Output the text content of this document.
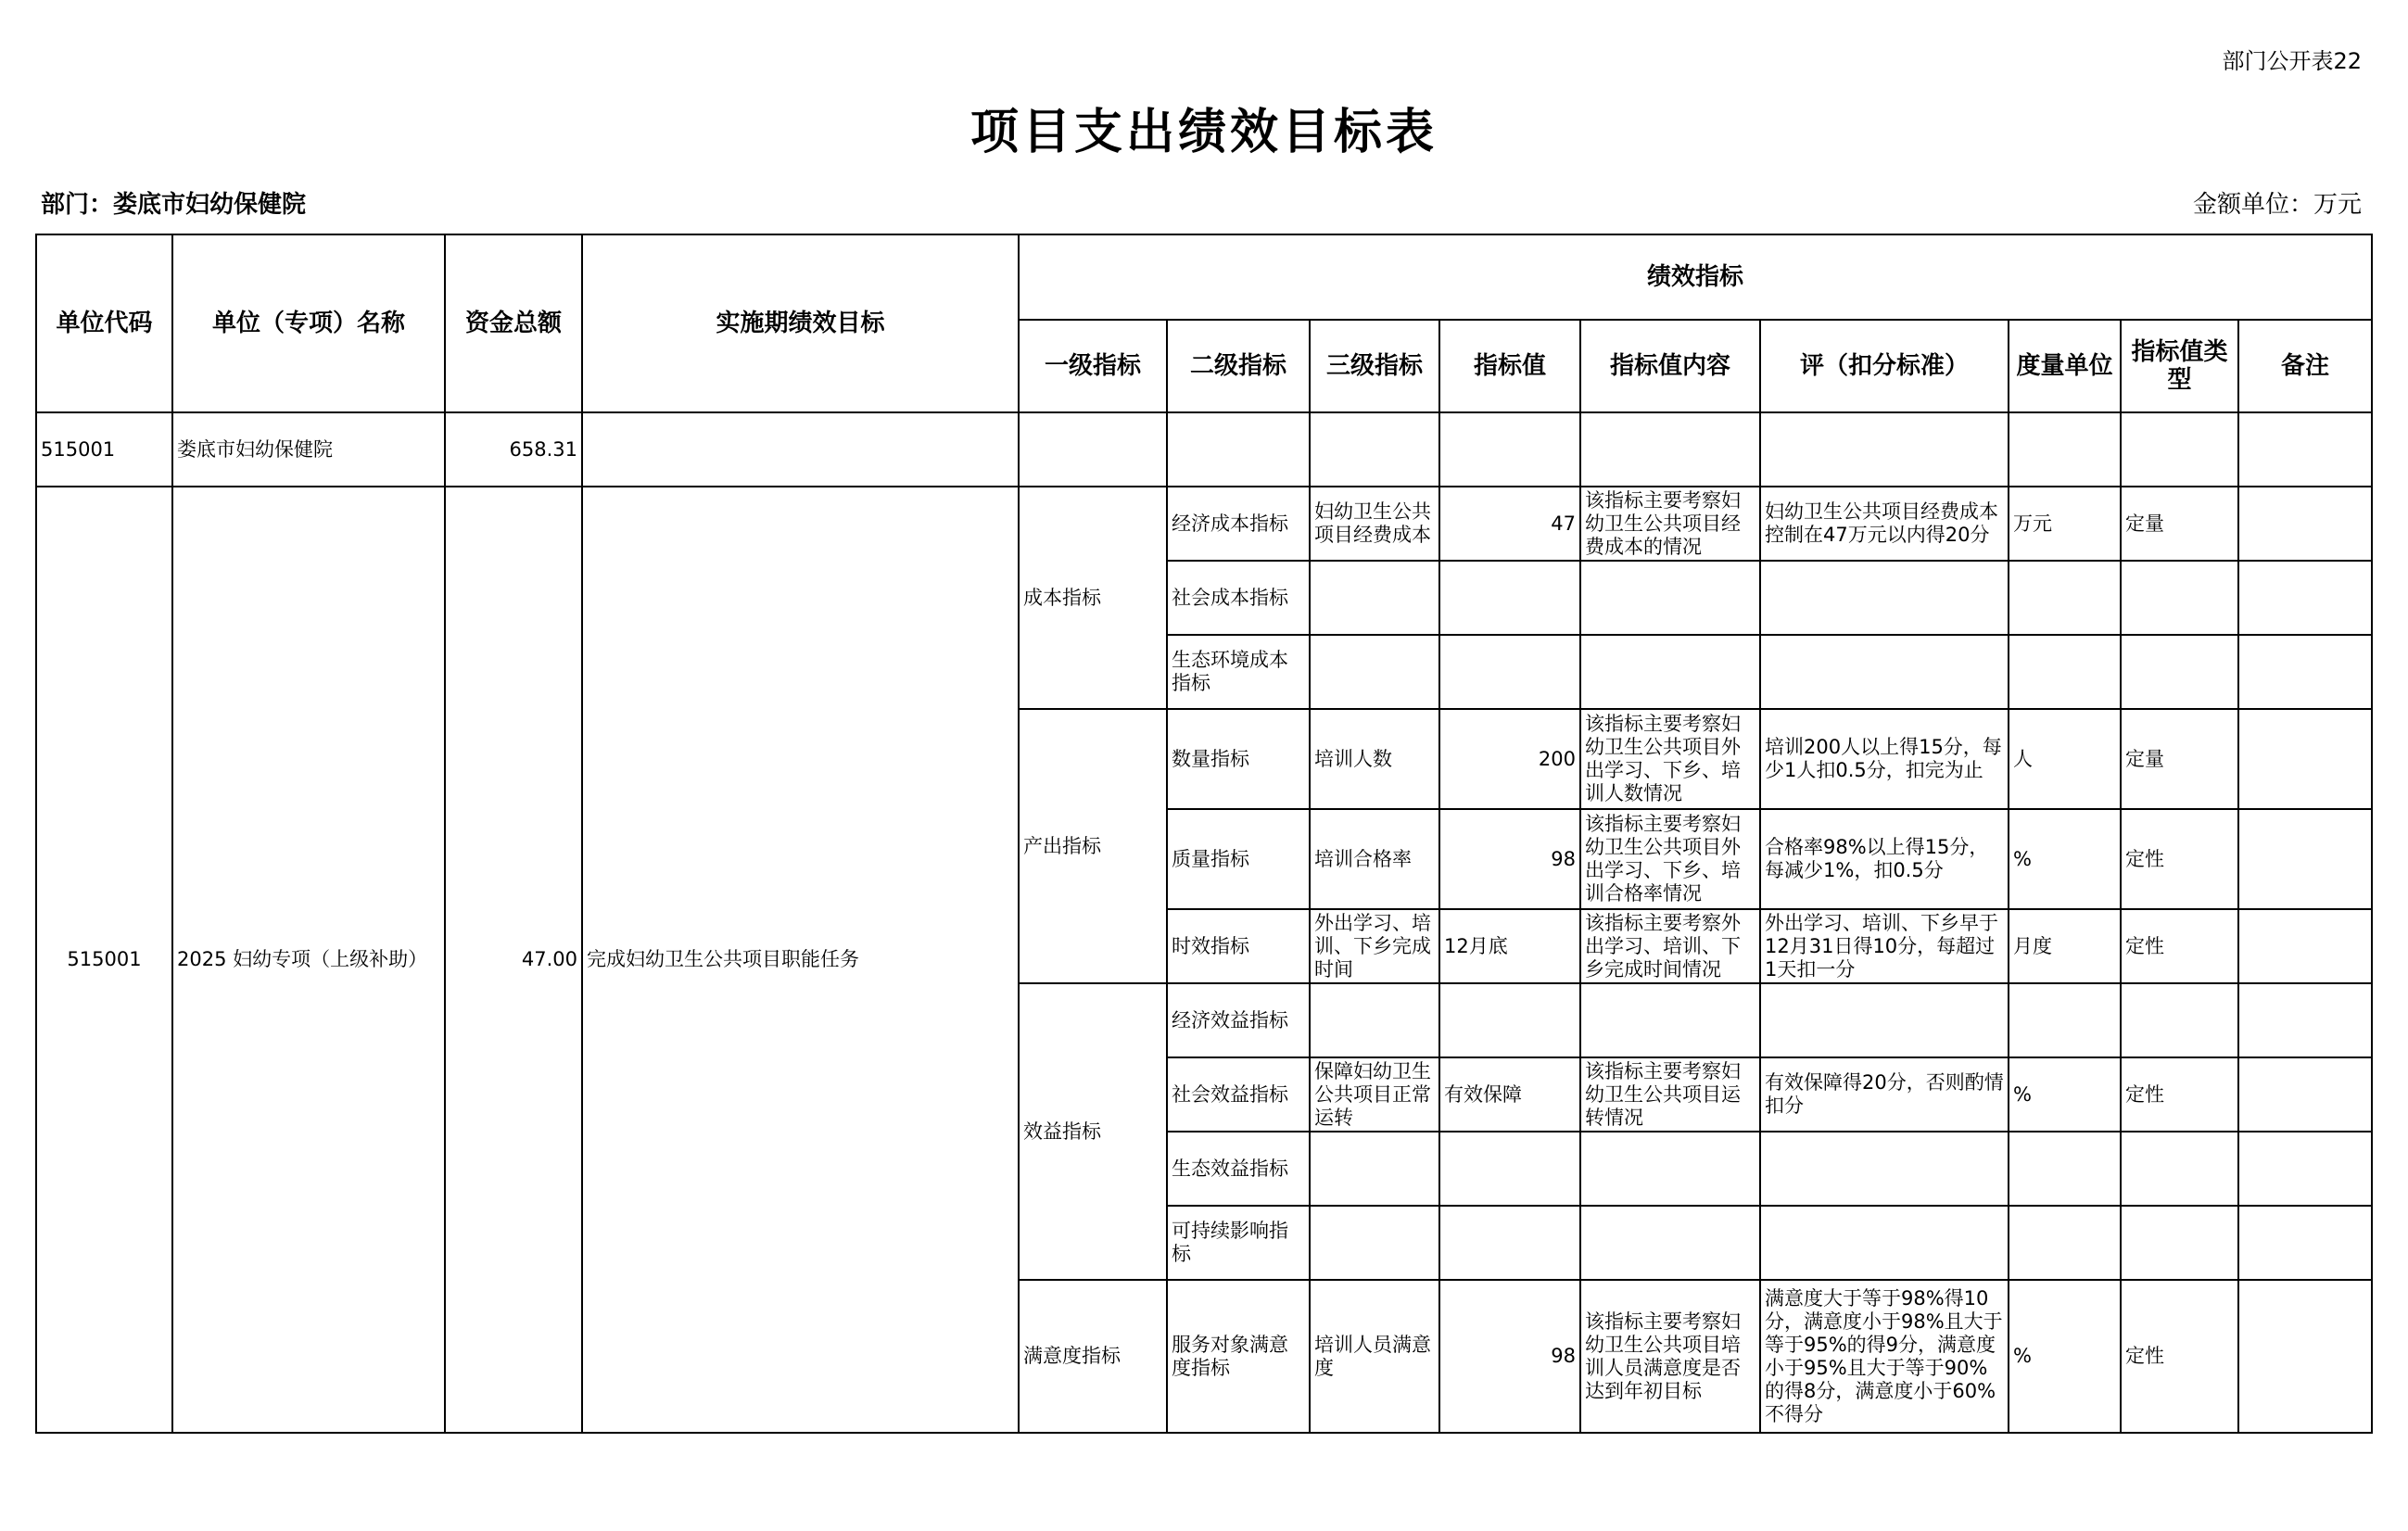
部门公开表22
项目支出绩效目标表
部门：娄底市妇幼保健院	金额单位：万元
单位代码	单位（专项）名称	资金总额	实施期绩效目标	绩效指标								
				一级指标	二级指标	三级指标	指标值	指标值内容	评（扣分标准）	度量单位	指标值类型	备注
515001	娄底市妇幼保健院	658.31										
515001	2025 妇幼专项（上级补助）	47.00	完成妇幼卫生公共项目职能任务	成本指标	经济成本指标	妇幼卫生公共项目经费成本	47	该指标主要考察妇幼卫生公共项目经费成本的情况	妇幼卫生公共项目经费成本控制在47万元以内得20分	万元	定量	
					社会成本指标							
					生态环境成本指标							
				产出指标	数量指标	培训人数	200	该指标主要考察妇幼卫生公共项目外出学习、下乡、培训人数情况	培训200人以上得15分，每少1人扣0.5分，扣完为止	人	定量	
					质量指标	培训合格率	98	该指标主要考察妇幼卫生公共项目外出学习、下乡、培训合格率情况	合格率98%以上得15分，每减少1%，扣0.5分	%	定性	
					时效指标	外出学习、培训、下乡完成时间	12月底	该指标主要考察外出学习、培训、下乡完成时间情况	外出学习、培训、下乡早于12月31日得10分，每超过1天扣一分	月度	定性	
				效益指标	经济效益指标							
					社会效益指标	保障妇幼卫生公共项目正常运转	有效保障	该指标主要考察妇幼卫生公共项目运转情况	有效保障得20分，否则酌情扣分	%	定性	
					生态效益指标							
					可持续影响指标							
				满意度指标	服务对象满意度指标	培训人员满意度	98	该指标主要考察妇幼卫生公共项目培训人员满意度是否达到年初目标	满意度大于等于98%得10分，满意度小于98%且大于等于95%的得9分，满意度小于95%且大于等于90%的得8分，满意度小于60%不得分	%	定性	
